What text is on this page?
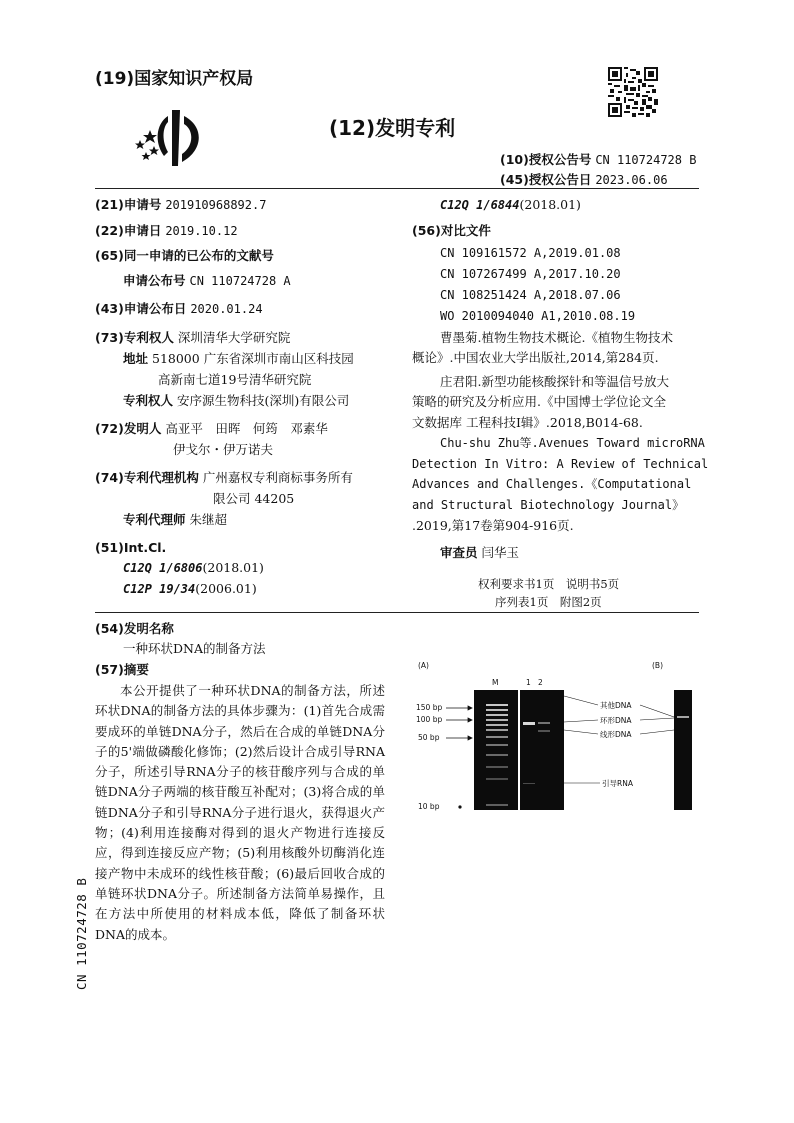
(19)国家知识产权局
(12)发明专利
(10)授权公告号 CN 110724728 B
(45)授权公告日 2023.06.06
(21)申请号 201910968892.7
(22)申请日 2019.10.12
(65)同一申请的已公布的文献号
申请公布号 CN 110724728 A
(43)申请公布日 2020.01.24
(73)专利权人 深圳清华大学研究院
地址 518000 广东省深圳市南山区科技园
高新南七道19号清华研究院
专利权人 安序源生物科技(深圳)有限公司
(72)发明人 高亚平　田晖　何筠　邓素华
伊戈尔・伊万诺夫
(74)专利代理机构 广州嘉权专利商标事务所有
限公司 44205
专利代理师 朱继超
(51)Int.Cl.
C12Q 1/6806(2018.01)
C12P 19/34(2006.01)
C12Q 1/6844(2018.01)
(56)对比文件
CN 109161572 A,2019.01.08
CN 107267499 A,2017.10.20
CN 108251424 A,2018.07.06
WO 2010094040 A1,2010.08.19
曹墨菊.植物生物技术概论.《植物生物技术
概论》.中国农业大学出版社,2014,第284页.
庄君阳.新型功能核酸探针和等温信号放大
策略的研究及分析应用.《中国博士学位论文全
文数据库 工程科技I辑》.2018,B014-68.
Chu-shu Zhu等.Avenues Toward microRNA
Detection In Vitro: A Review of Technical
Advances and Challenges.《Computational
and Structural Biotechnology Journal》
.2019,第17卷第904-916页.
审查员 闫华玉
权利要求书1页　说明书5页
序列表1页　附图2页
(54)发明名称
一种环状DNA的制备方法
(57)摘要
本公开提供了一种环状DNA的制备方法，所述环状DNA的制备方法的具体步骤为：(1)首先合成需要成环的单链DNA分子，然后在合成的单链DNA分子的5'端做磷酸化修饰；(2)然后设计合成引导RNA分子，所述引导RNA分子的核苷酸序列与合成的单链DNA分子两端的核苷酸互补配对；(3)将合成的单链DNA分子和引导RNA分子进行退火，获得退火产物；(4)利用连接酶对得到的退火产物进行连接反应，得到连接反应产物；(5)利用核酸外切酶消化连接产物中未成环的线性核苷酸；(6)最后回收合成的单链环状DNA分子。所述制备方法简单易操作，且在方法中所使用的材料成本低，降低了制备环状DNA的成本。
CN 110724728 B
(A)	(B)
M	1 2
150 bp
100 bp
50 bp
10 bp
其他DNA
环形DNA
线形DNA
引导RNA
